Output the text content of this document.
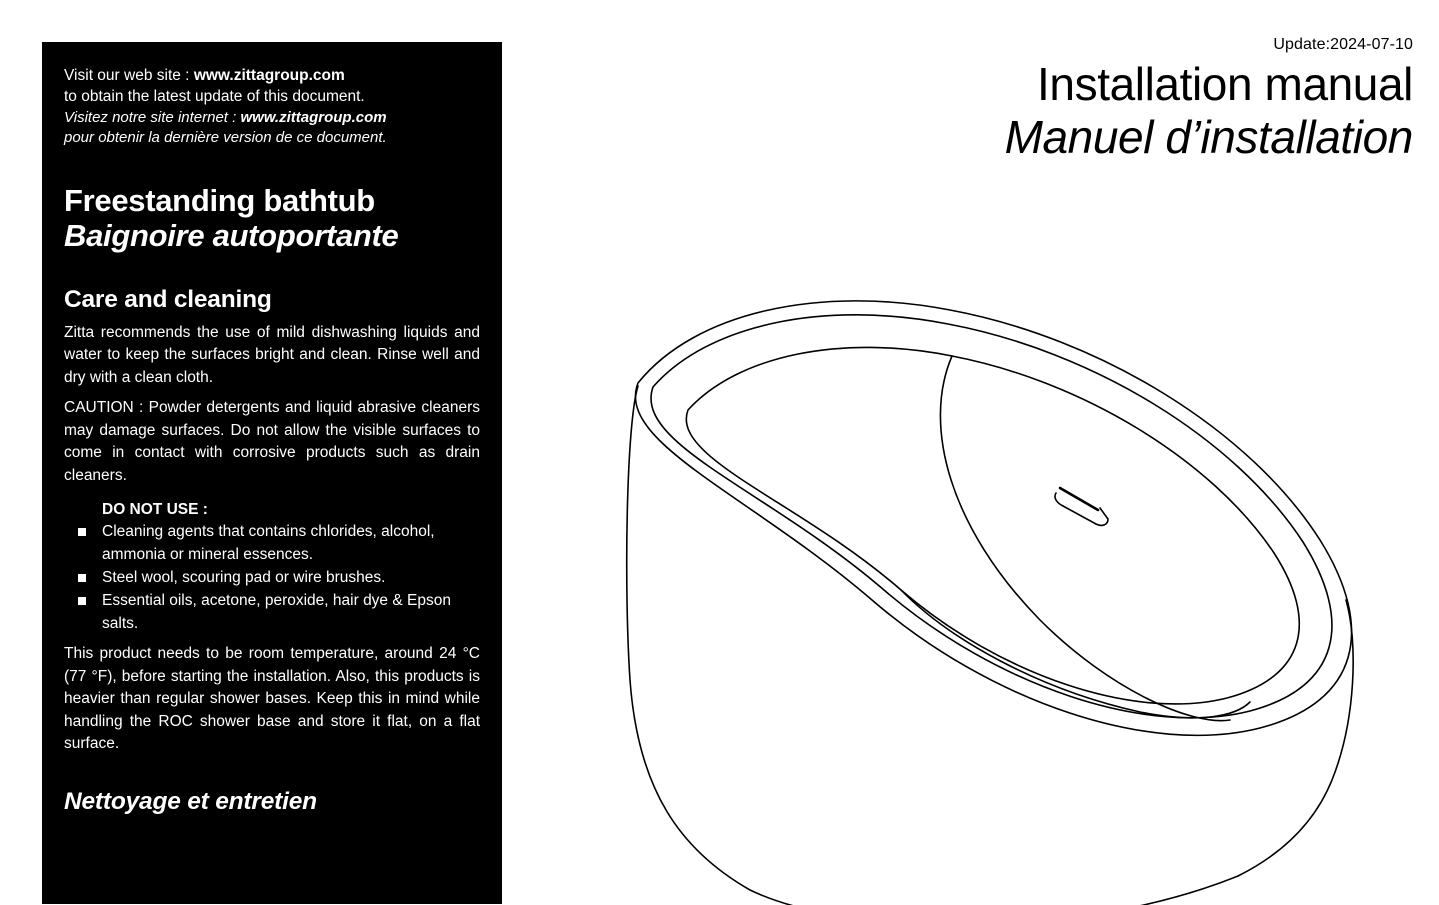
Update:2024-07-10
Installation manual
Manuel d’installation
Visit our web site : www.zittagroup.com
to obtain the latest update of this document.
Visitez notre site internet : www.zittagroup.com
pour obtenir la dernière version de ce document.
Freestanding bathtub
Baignoire autoportante
Care and cleaning

Zitta recommends the use of mild dishwashing liquids and water to keep the surfaces bright and clean. Rinse well and dry with a clean cloth.

CAUTION : Powder detergents and liquid abrasive cleaners may damage surfaces. Do not allow the visible surfaces to come in contact with corrosive products such as drain cleaners.

DO NOT USE :
Cleaning agents that contains chlorides, alcohol, ammonia or mineral essences.
Steel wool, scouring pad or wire brushes.
Essential oils, acetone, peroxide, hair dye & Epson salts.

This product needs to be room temperature, around 24 °C (77 °F), before starting the installation. Also, this products is heavier than regular shower bases. Keep this in mind while handling the ROC shower base and store it flat, on a flat surface.

Nettoyage et entretien
